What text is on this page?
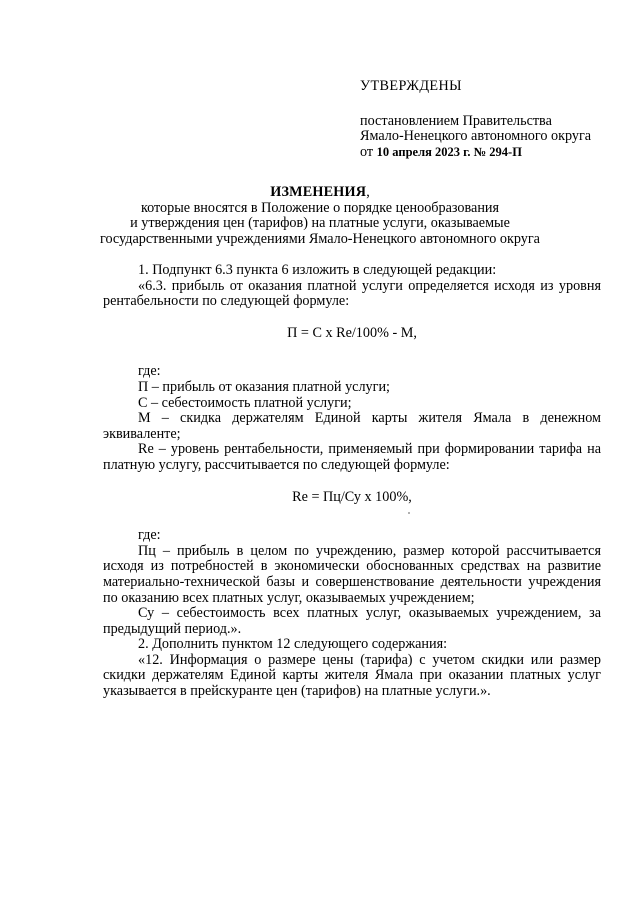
УТВЕРЖДЕНЫ
постановлением Правительства
Ямало-Ненецкого автономного округа
от 10 апреля 2023 г. № 294-П
ИЗМЕНЕНИЯ,
которые вносятся в Положение о порядке ценообразования
и утверждения цен (тарифов) на платные услуги, оказываемые
государственными учреждениями Ямало-Ненецкого автономного округа

1. Подпункт 6.3 пункта 6 изложить в следующей редакции:

«6.3. прибыль от оказания платной услуги определяется исходя из уровня рентабельности по следующей формуле:

П = С х Re/100% - М,

где:

П – прибыль от оказания платной услуги;

С – себестоимость платной услуги;

М – скидка держателям Единой карты жителя Ямала в денежном эквиваленте;

Re – уровень рентабельности, применяемый при формировании тарифа на платную услугу, рассчитывается по следующей формуле:

Re = Пц/Су х 100%,

где:

Пц – прибыль в целом по учреждению, размер которой рассчитывается исходя из потребностей в экономически обоснованных средствах на развитие материально-технической базы и совершенствование деятельности учреждения по оказанию всех платных услуг, оказываемых учреждением;

Су – себестоимость всех платных услуг, оказываемых учреждением, за предыдущий период.».

2. Дополнить пунктом 12 следующего содержания:

«12. Информация о размере цены (тарифа) с учетом скидки или размер скидки держателям Единой карты жителя Ямала при оказании платных услуг указывается в прейскуранте цен (тарифов) на платные услуги.».
